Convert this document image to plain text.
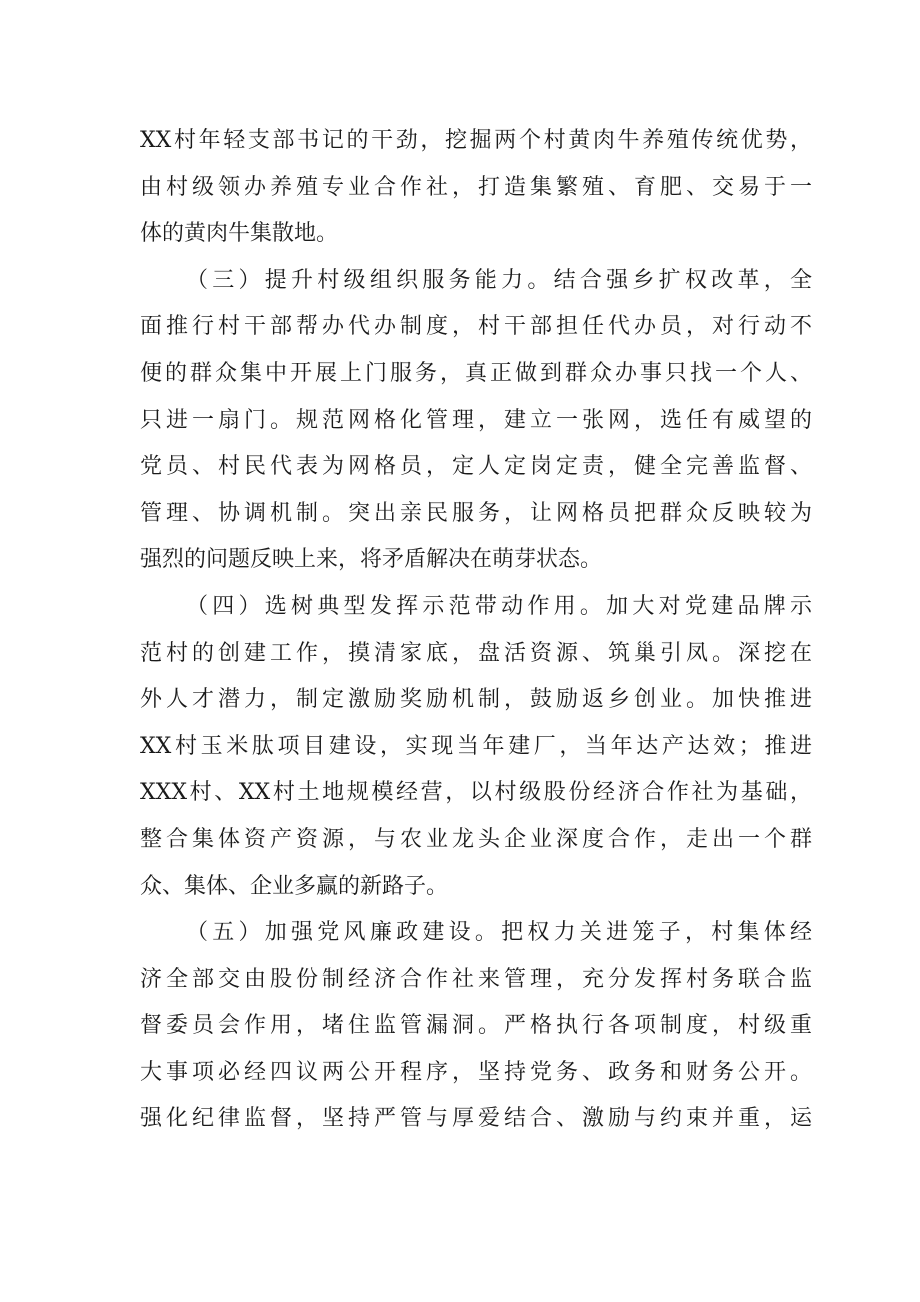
XX村年轻支部书记的干劲，挖掘两个村黄肉牛养殖传统优势，
由村级领办养殖专业合作社，打造集繁殖、育肥、交易于一
体的黄肉牛集散地。
（三）提升村级组织服务能力。结合强乡扩权改革，全
面推行村干部帮办代办制度，村干部担任代办员，对行动不
便的群众集中开展上门服务，真正做到群众办事只找一个人、
只进一扇门。规范网格化管理，建立一张网，选任有威望的
党员、村民代表为网格员，定人定岗定责，健全完善监督、
管理、协调机制。突出亲民服务，让网格员把群众反映较为
强烈的问题反映上来，将矛盾解决在萌芽状态。
（四）选树典型发挥示范带动作用。加大对党建品牌示
范村的创建工作，摸清家底，盘活资源、筑巢引凤。深挖在
外人才潜力，制定激励奖励机制，鼓励返乡创业。加快推进
XX村玉米肽项目建设，实现当年建厂，当年达产达效；推进
XXX村、XX村土地规模经营，以村级股份经济合作社为基础，
整合集体资产资源，与农业龙头企业深度合作，走出一个群
众、集体、企业多赢的新路子。
（五）加强党风廉政建设。把权力关进笼子，村集体经
济全部交由股份制经济合作社来管理，充分发挥村务联合监
督委员会作用，堵住监管漏洞。严格执行各项制度，村级重
大事项必经四议两公开程序，坚持党务、政务和财务公开。
强化纪律监督，坚持严管与厚爱结合、激励与约束并重，运
